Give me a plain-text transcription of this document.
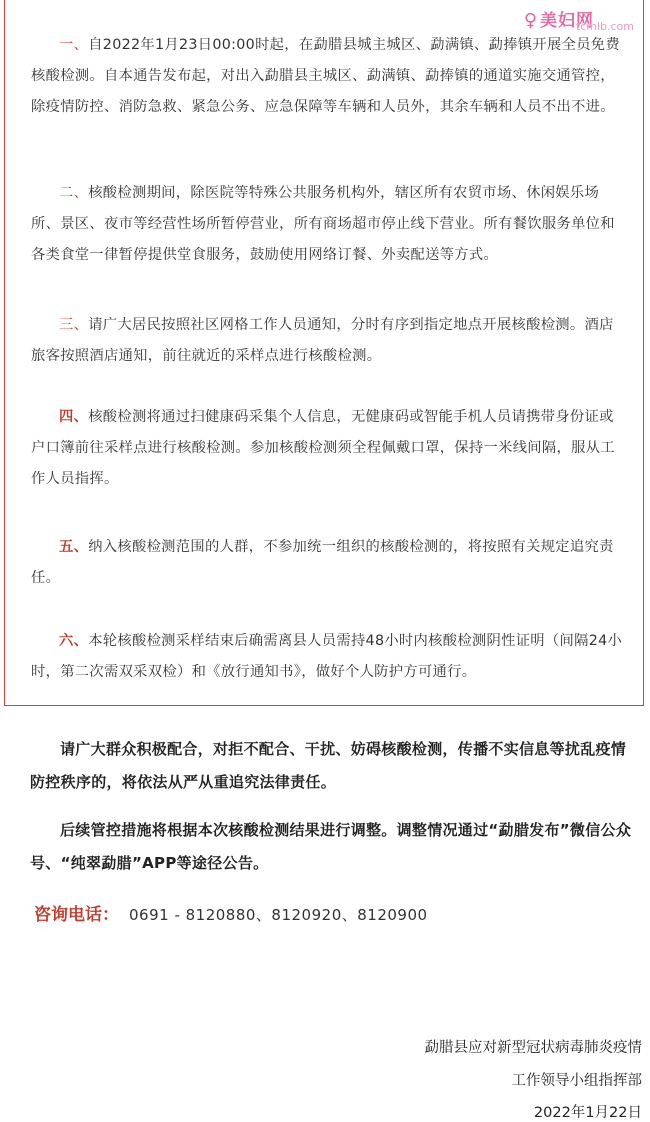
♀ 美妇网
tcmlb.com

一、自2022年1月23日00:00时起，在勐腊县城主城区、勐满镇、勐捧镇开展全员免费核酸检测。自本通告发布起，对出入勐腊县主城区、勐满镇、勐捧镇的通道实施交通管控，除疫情防控、消防急救、紧急公务、应急保障等车辆和人员外，其余车辆和人员不出不进。

二、核酸检测期间，除医院等特殊公共服务机构外，辖区所有农贸市场、休闲娱乐场所、景区、夜市等经营性场所暂停营业，所有商场超市停止线下营业。所有餐饮服务单位和各类食堂一律暂停提供堂食服务，鼓励使用网络订餐、外卖配送等方式。

三、请广大居民按照社区网格工作人员通知，分时有序到指定地点开展核酸检测。酒店旅客按照酒店通知，前往就近的采样点进行核酸检测。

四、核酸检测将通过扫健康码采集个人信息，无健康码或智能手机人员请携带身份证或户口簿前往采样点进行核酸检测。参加核酸检测须全程佩戴口罩，保持一米线间隔，服从工作人员指挥。

五、纳入核酸检测范围的人群，不参加统一组织的核酸检测的，将按照有关规定追究责任。

六、本轮核酸检测采样结束后确需离县人员需持48小时内核酸检测阴性证明（间隔24小时，第二次需双采双检）和《放行通知书》，做好个人防护方可通行。

请广大群众积极配合，对拒不配合、干扰、妨碍核酸检测，传播不实信息等扰乱疫情防控秩序的，将依法从严从重追究法律责任。

后续管控措施将根据本次核酸检测结果进行调整。调整情况通过“勐腊发布”微信公众号、“纯翠勐腊”APP等途径公告。

咨询电话： 0691 - 8120880、8120920、8120900

勐腊县应对新型冠状病毒肺炎疫情

工作领导小组指挥部

2022年1月22日
